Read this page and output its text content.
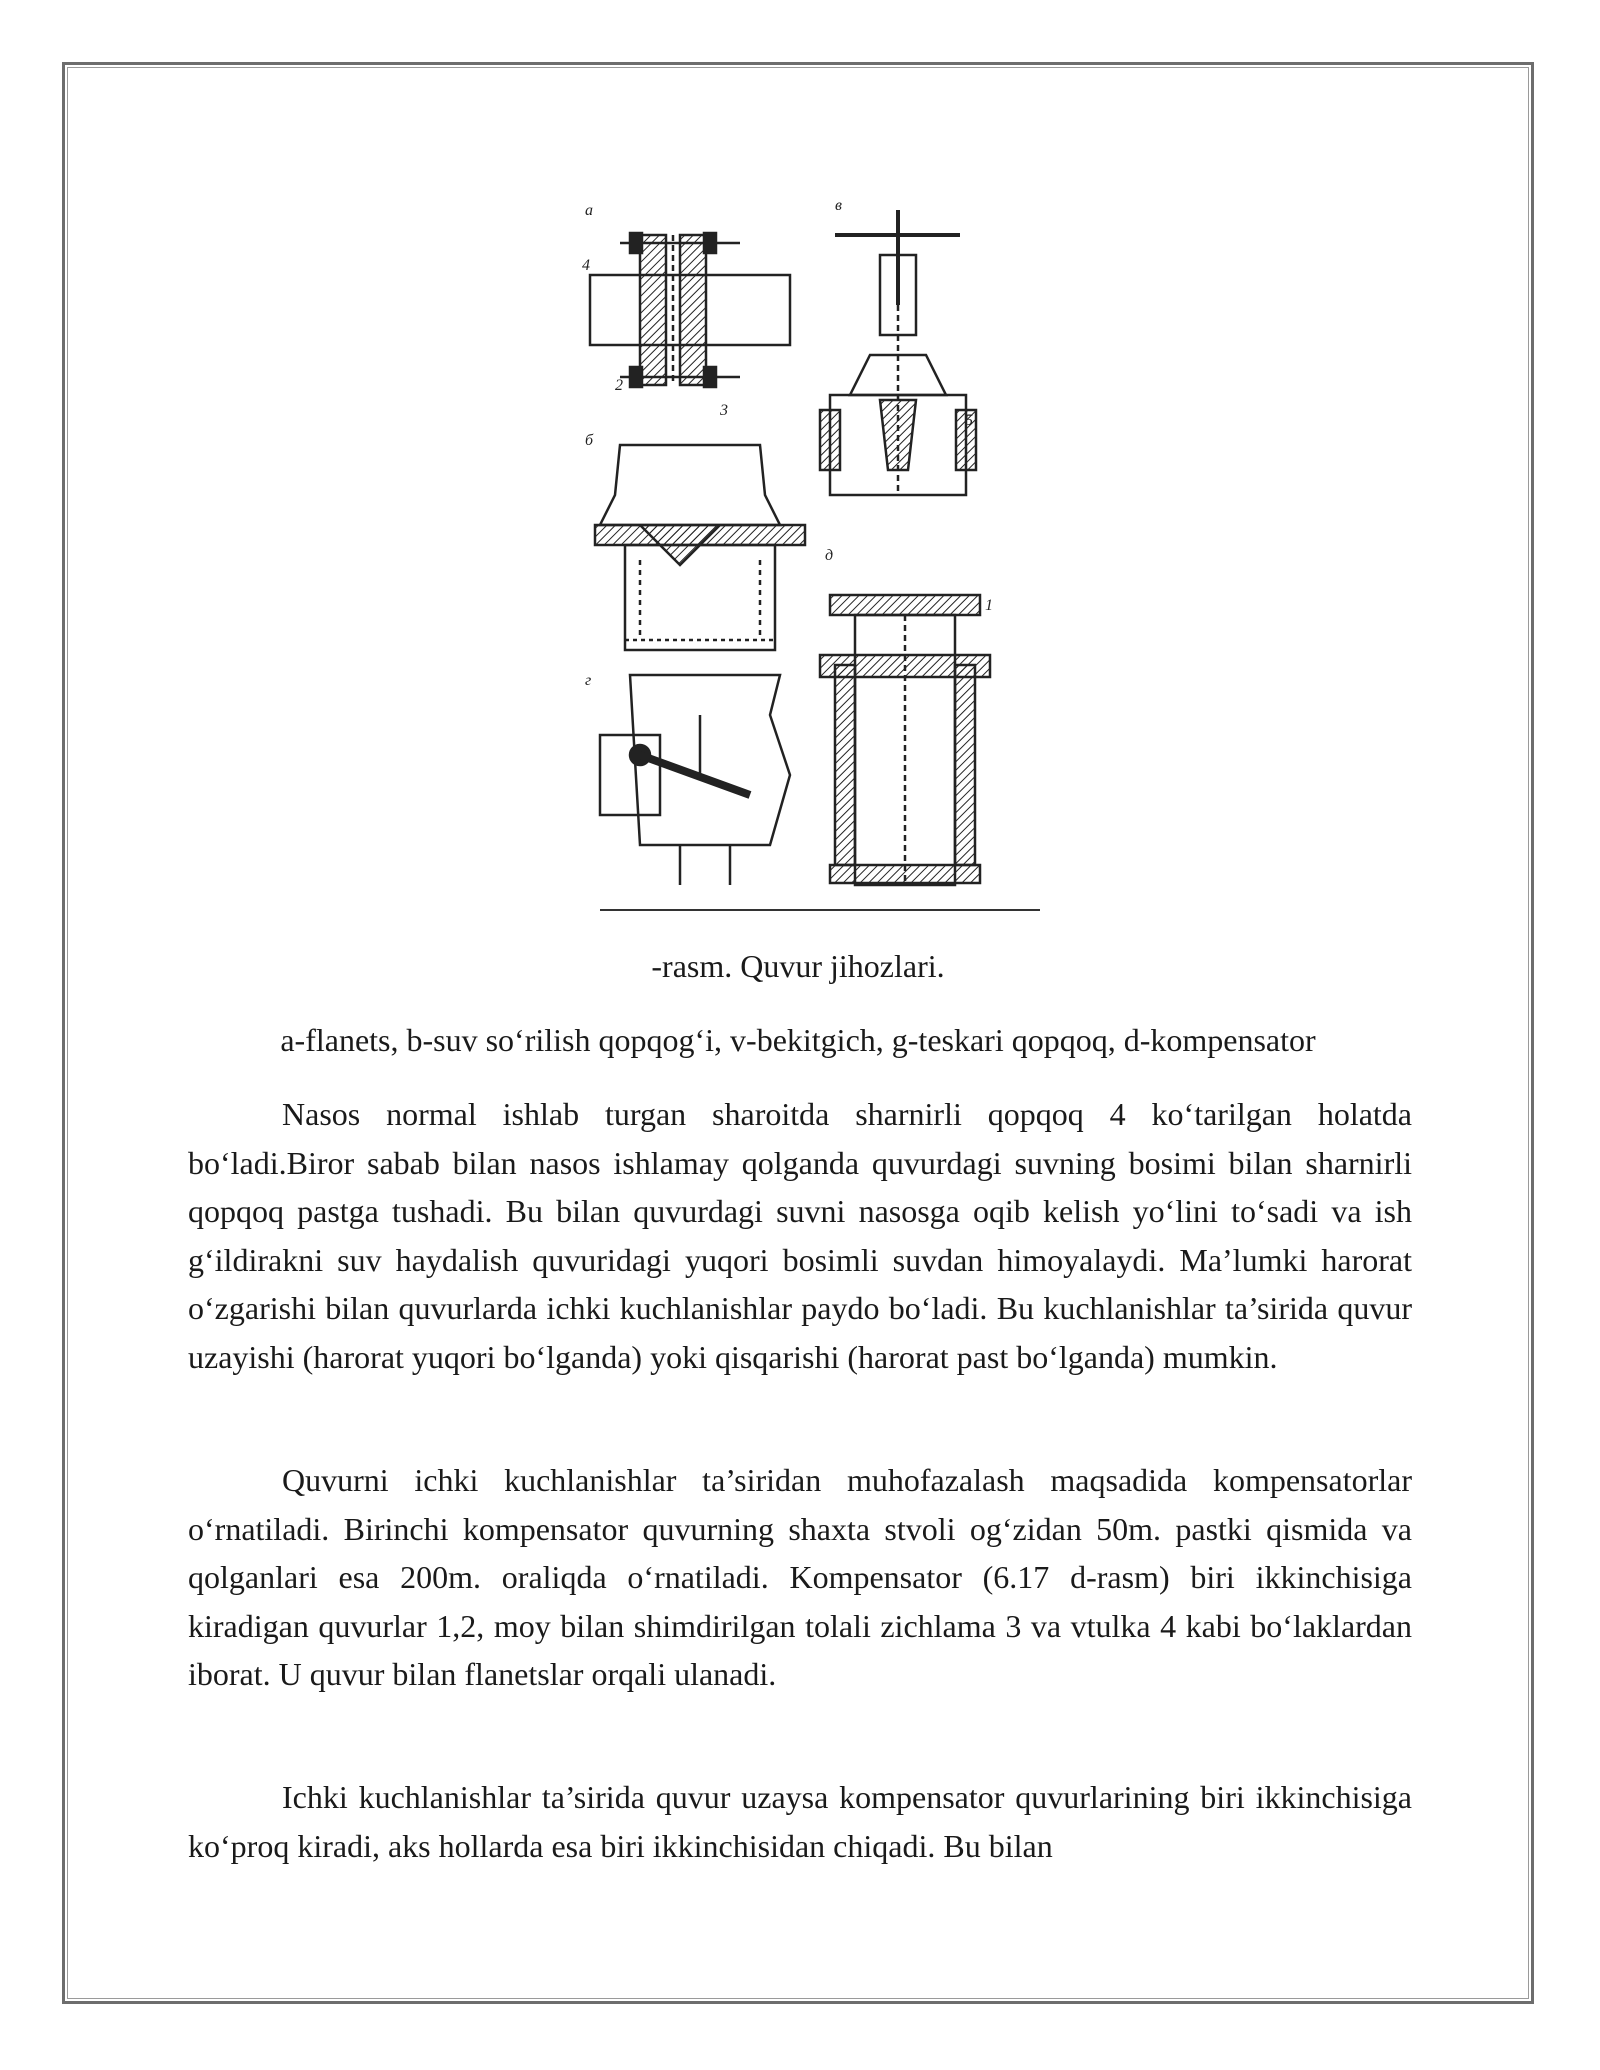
a	в
б
д
г
4
2
3
5
1
-rasm. Quvur jihozlari.
a-flanets, b-suv so‘rilish qopqog‘i, v-bekitgich, g-teskari qopqoq, d-kompensator

Nasos normal ishlab turgan sharoitda sharnirli qopqoq 4 ko‘tarilgan holatda bo‘ladi.Biror sabab bilan nasos ishlamay qolganda quvurdagi suvning bosimi bilan sharnirli qopqoq pastga tushadi. Bu bilan quvurdagi suvni nasosga oqib kelish yo‘lini to‘sadi va ish g‘ildirakni suv haydalish quvuridagi yuqori bosimli suvdan himoyalaydi. Ma’lumki harorat o‘zgarishi bilan quvurlarda ichki kuchlanishlar paydo bo‘ladi. Bu kuchlanishlar ta’sirida quvur uzayishi (harorat yuqori bo‘lganda) yoki qisqarishi (harorat past bo‘lganda) mumkin.

Quvurni ichki kuchlanishlar ta’siridan muhofazalash maqsadida kompensatorlar o‘rnatiladi. Birinchi kompensator quvurning shaxta stvoli og‘zidan 50m. pastki qismida va qolganlari esa 200m. oraliqda o‘rnatiladi. Kompensator (6.17 d-rasm) biri ikkinchisiga kiradigan quvurlar 1,2, moy bilan shimdirilgan tolali zichlama 3 va vtulka 4 kabi bo‘laklardan iborat. U quvur bilan flanetslar orqali ulanadi.

Ichki kuchlanishlar ta’sirida quvur uzaysa kompensator quvurlarining biri ikkinchisiga ko‘proq kiradi, aks hollarda esa biri ikkinchisidan chiqadi. Bu bilan
